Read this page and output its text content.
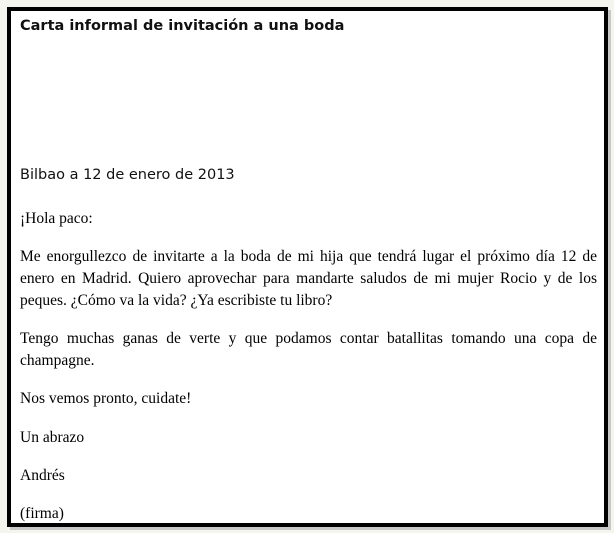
Carta informal de invitación a una boda

Bilbao a 12 de enero de 2013

¡Hola paco:

Me enorgullezco de invitarte a la boda de mi hija que tendrá lugar el próximo día 12 de enero en Madrid. Quiero aprovechar para mandarte saludos de mi mujer Rocio y de los peques. ¿Cómo va la vida? ¿Ya escribiste tu libro?

Tengo muchas ganas de verte y que podamos contar batallitas tomando una copa de champagne.

Nos vemos pronto, cuidate!

Un abrazo

Andrés

(firma)
